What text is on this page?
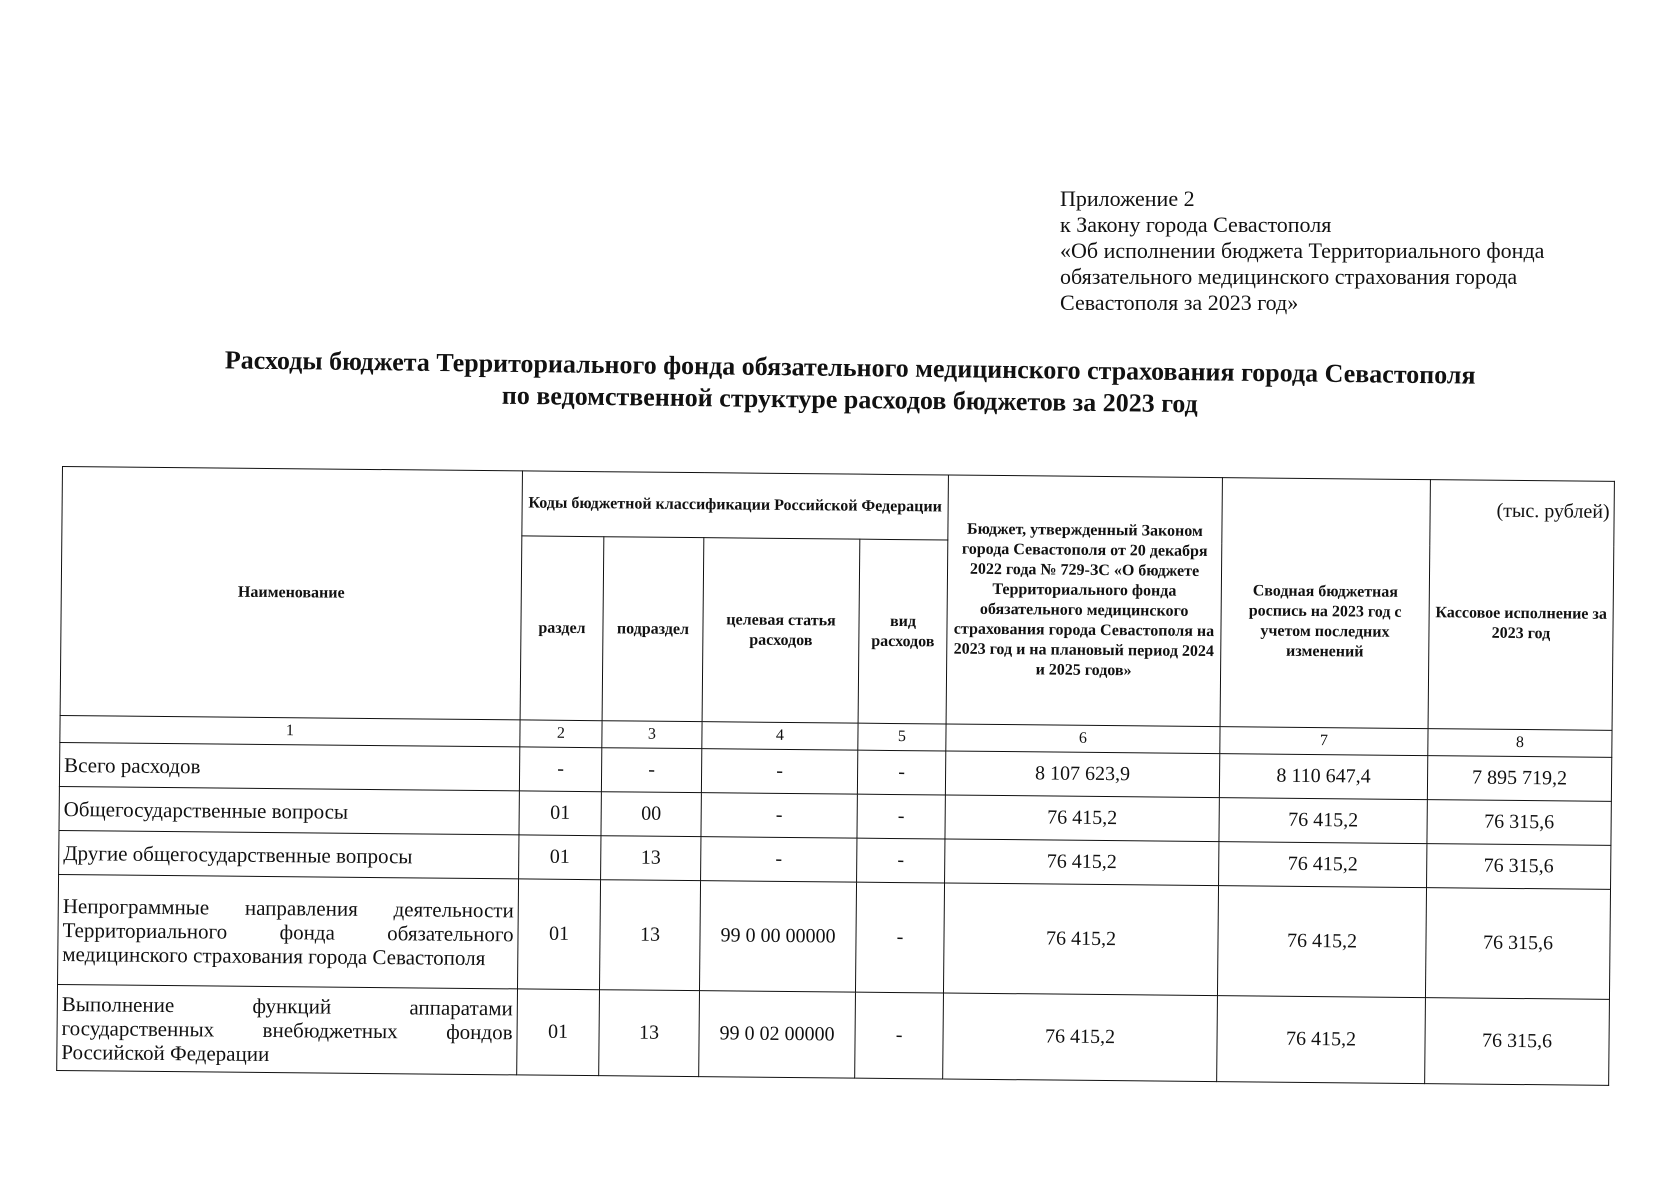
Приложение 2
к Закону города Севастополя
«Об исполнении бюджета Территориального фонда
обязательного медицинского страхования города
Севастополя за 2023 год»
Расходы бюджета Территориального фонда обязательного медицинского страхования города Севастополя
по ведомственной структуре расходов бюджетов за 2023 год
Наименование	Коды бюджетной классификации Российской Федерации				Бюджет, утвержденный Законом города Севастополя от 20 декабря 2022 года № 729-ЗС «О бюджете Территориального фонда обязательного медицинского страхования города Севастополя на 2023 год и на плановый период 2024 и 2025 годов»	Сводная бюджетная роспись на 2023 год с учетом последних изменений	Кассовое исполнение за 2023 год
	раздел	подраздел	целевая статья расходов	вид расходов			
1	2	3	4	5	6	7	8
Всего расходов	-	-	-	-	8 107 623,9	8 110 647,4	7 895 719,2
Общегосударственные вопросы	01	00	-	-	76 415,2	76 415,2	76 315,6
Другие общегосударственные вопросы	01	13	-	-	76 415,2	76 415,2	76 315,6
Непрограммные направления деятельности Территориального фонда обязательного медицинского страхования города Севастополя	01	13	99 0 00 00000	-	76 415,2	76 415,2	76 315,6
Выполнение функций аппаратами государственных внебюджетных фондов Российской Федерации	01	13	99 0 02 00000	-	76 415,2	76 415,2	76 315,6
(тыс. рублей)
